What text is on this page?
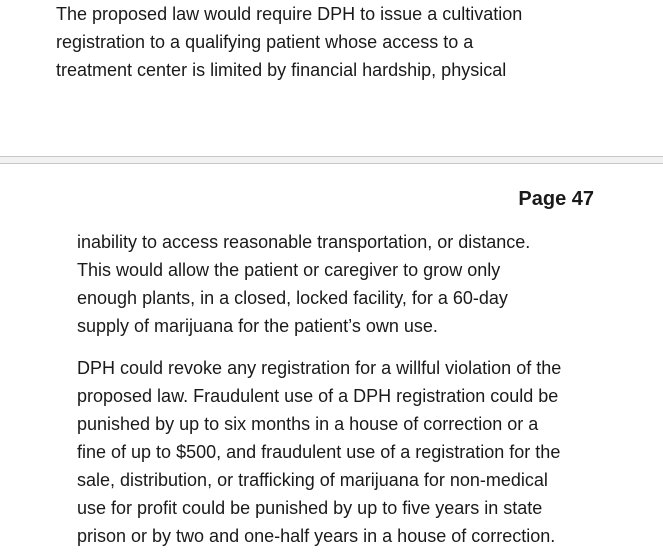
The proposed law would require DPH to issue a cultivation
registration to a qualifying patient whose access to a
treatment center is limited by financial hardship, physical
Page 47
inability to access reasonable transportation, or distance.
This would allow the patient or caregiver to grow only
enough plants, in a closed, locked facility, for a 60-day
supply of marijuana for the patient’s own use.
DPH could revoke any registration for a willful violation of the
proposed law. Fraudulent use of a DPH registration could be
punished by up to six months in a house of correction or a
fine of up to $500, and fraudulent use of a registration for the
sale, distribution, or trafficking of marijuana for non-medical
use for profit could be punished by up to five years in state
prison or by two and one-half years in a house of correction.
